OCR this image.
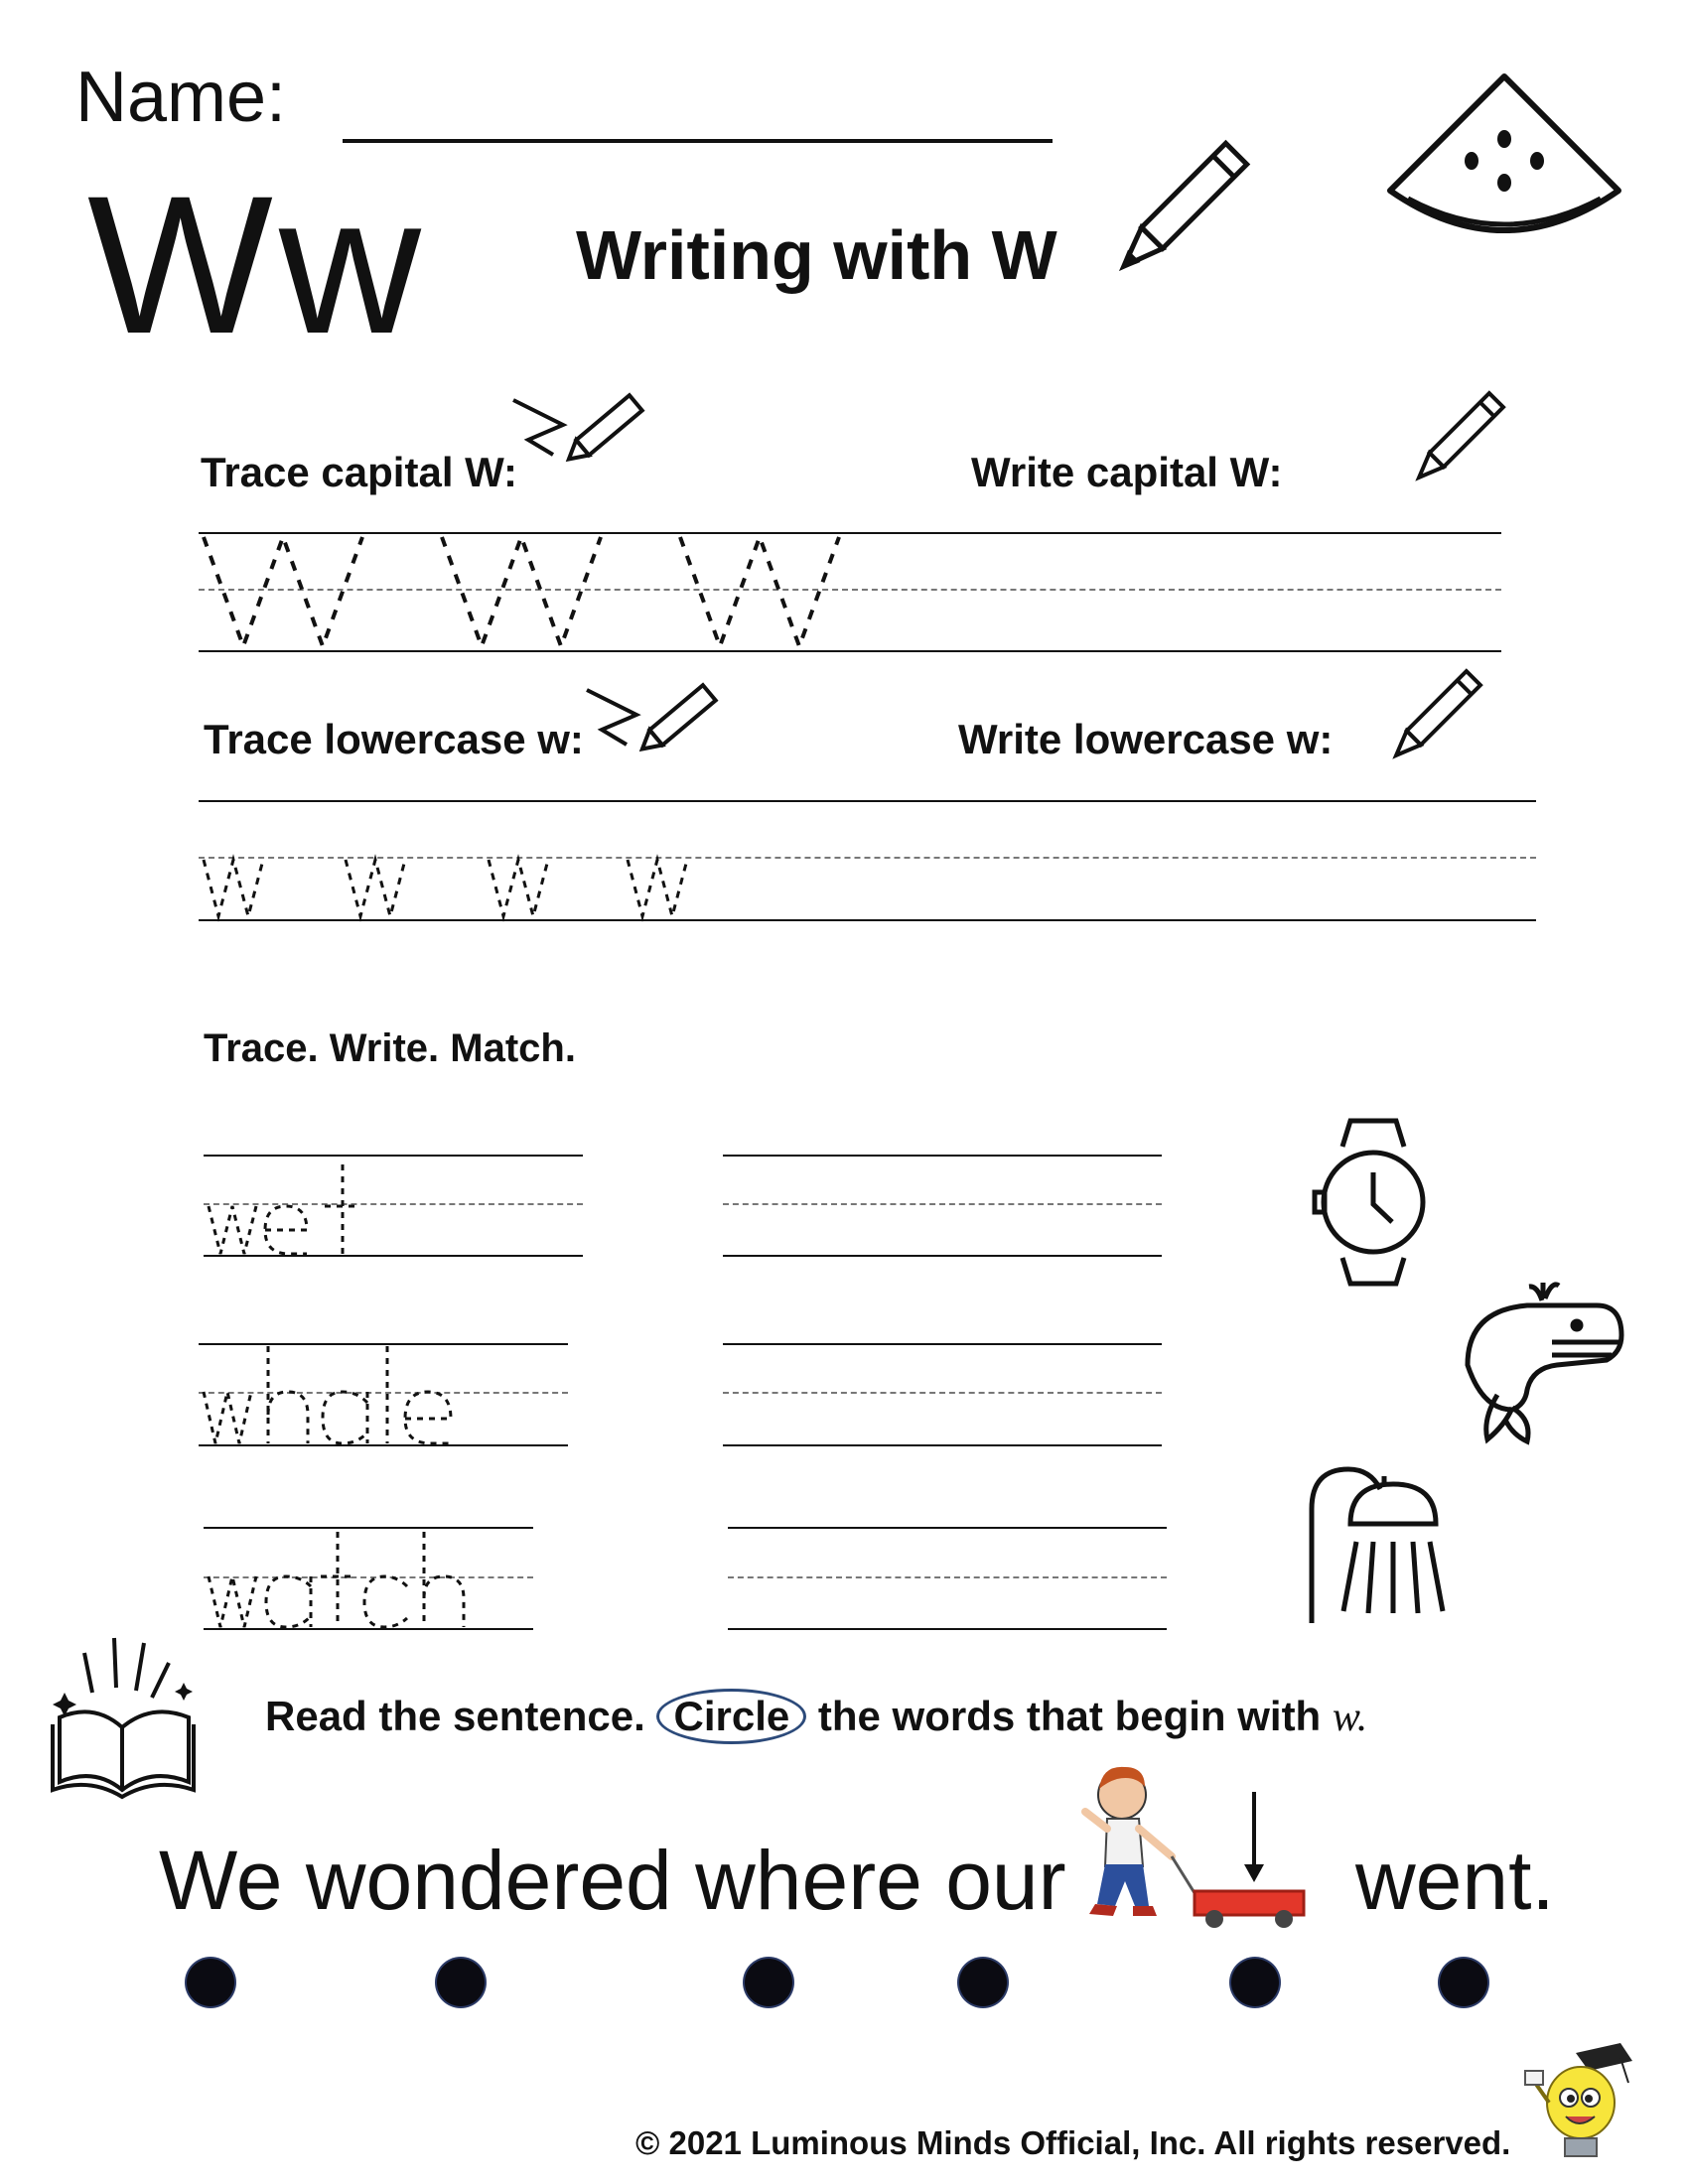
Name:
Ww Writing with W
Trace capital W:	Write capital W:
Trace lowercase w:	Write lowercase w:
Trace. Write. Match.
Read the sentence. Circle the words that begin with w.
We wondered where our	went.
© 2021 Luminous Minds Official, Inc. All rights reserved.
